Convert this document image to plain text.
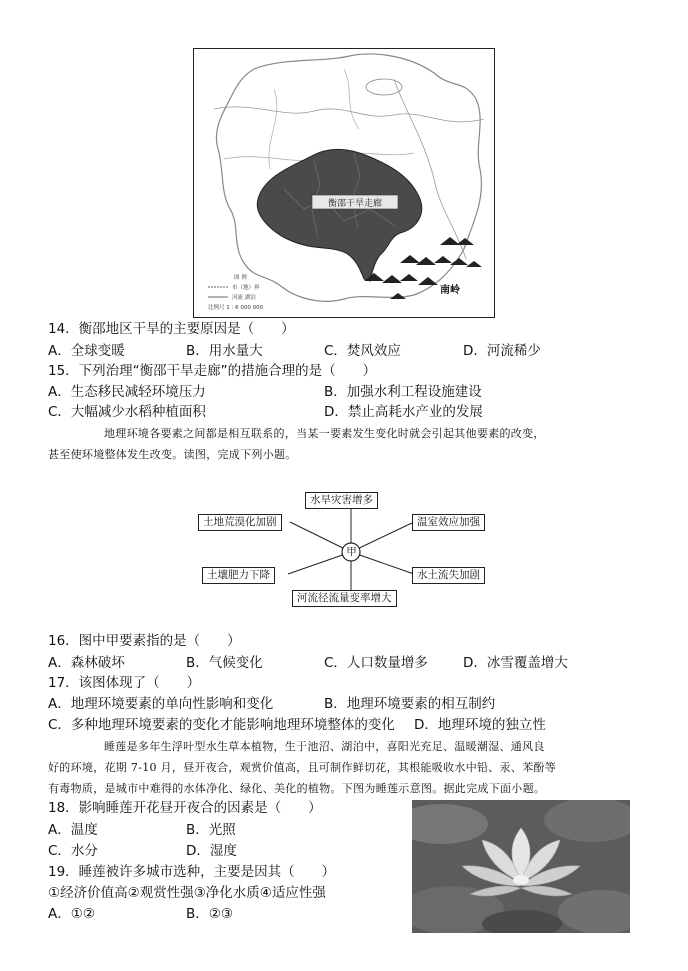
衡邵干旱走廊
南岭
图 例
市（地）界
河流 湖泊
比例尺 1 : 6 000 000
14．衡邵地区干旱的主要原因是（　　）
A．全球变暖	B．用水量大	C．焚风效应	D．河流稀少
15．下列治理“衡邵干旱走廊”的措施合理的是（　　）
A．生态移民减轻环境压力	B．加强水利工程设施建设
C．大幅减少水稻种植面积	D．禁止高耗水产业的发展
地理环境各要素之间都是相互联系的，当某一要素发生变化时就会引起其他要素的改变，
甚至使环境整体发生改变。读图，完成下列小题。
甲
水旱灾害增多
土地荒漠化加剧	温室效应加强
土壤肥力下降	水土流失加剧
河流径流量变率增大
16．图中甲要素指的是（　　）
A．森林破坏	B．气候变化	C．人口数量增多	D．冰雪覆盖增大
17．该图体现了（　　）
A．地理环境要素的单向性影响和变化	B．地理环境要素的相互制约
C．多种地理环境要素的变化才能影响地理环境整体的变化 D．地理环境的独立性
睡莲是多年生浮叶型水生草本植物，生于池沼、湖泊中，喜阳光充足、温暖潮湿、通风良
好的环境，花期 7-10 月，昼开夜合，观赏价值高，且可制作鲜切花，其根能吸收水中铅、汞、苯酚等
有毒物质，是城市中难得的水体净化、绿化、美化的植物。下图为睡莲示意图。据此完成下面小题。
18．影响睡莲开花昼开夜合的因素是（　　）
A．温度	B．光照
C．水分	D．湿度
19．睡莲被许多城市选种，主要是因其（　　）
①经济价值高②观赏性强③净化水质④适应性强
A．①②	B．②③
